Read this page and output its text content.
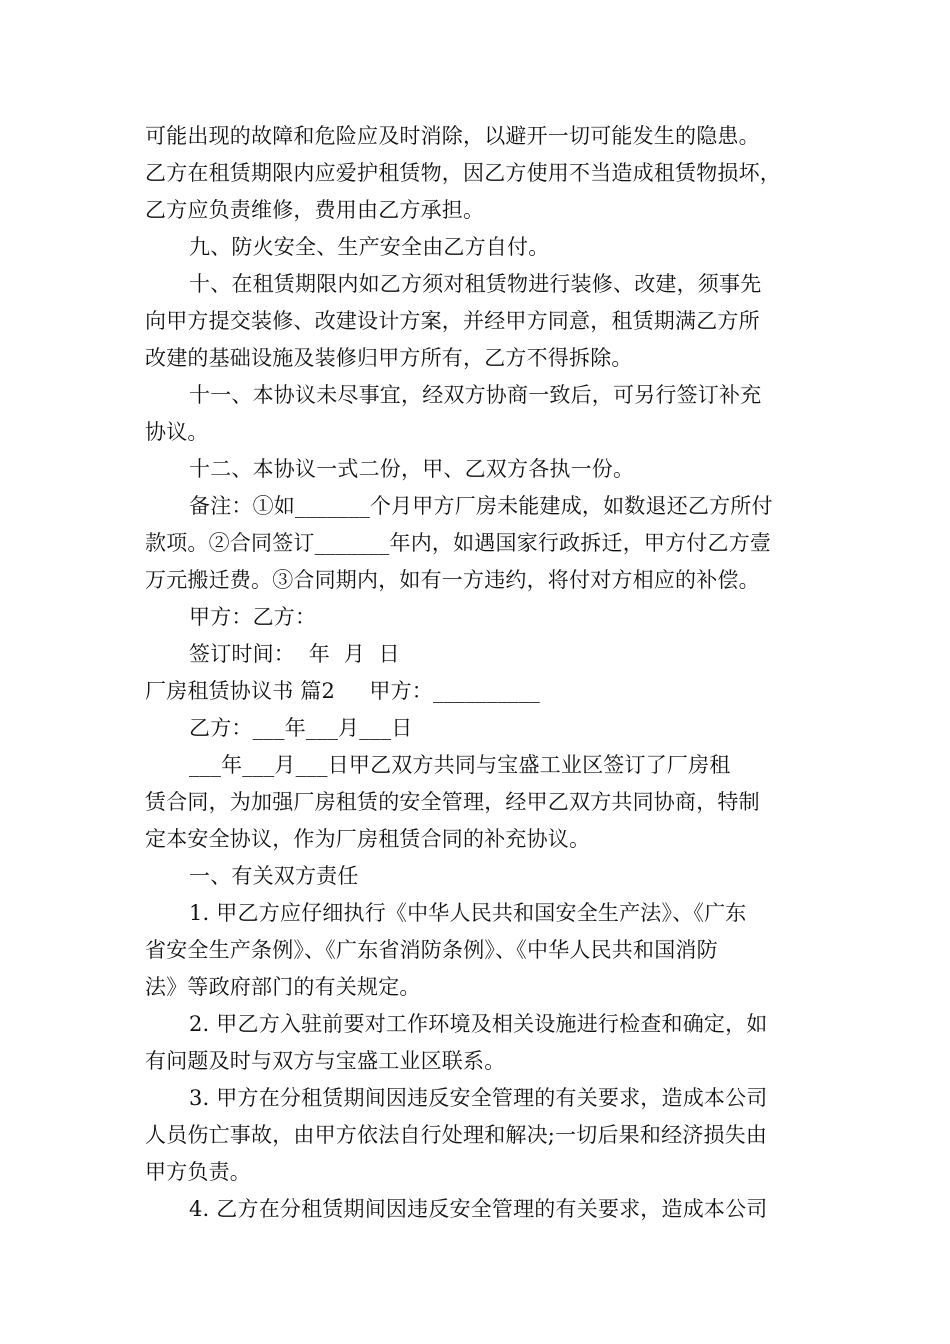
可能出现的故障和危险应及时消除，以避开一切可能发生的隐患。

乙方在租赁期限内应爱护租赁物，因乙方使用不当造成租赁物损坏，

乙方应负责维修，费用由乙方承担。

九、防火安全、生产安全由乙方自付。

十、在租赁期限内如乙方须对租赁物进行装修、改建，须事先

向甲方提交装修、改建设计方案，并经甲方同意，租赁期满乙方所

改建的基础设施及装修归甲方所有，乙方不得拆除。

十一、本协议未尽事宜，经双方协商一致后，可另行签订补充

协议。

十二、本协议一式二份，甲、乙双方各执一份。

备注：①如_______个月甲方厂房未能建成，如数退还乙方所付

款项。②合同签订_______年内，如遇国家行政拆迁，甲方付乙方壹

万元搬迁费。③合同期内，如有一方违约，将付对方相应的补偿。

甲方：乙方：

签订时间：  年  月  日

厂房租赁协议书 篇2     甲方：__________

乙方：___年___月___日

___年___月___日甲乙双方共同与宝盛工业区签订了厂房租

赁合同，为加强厂房租赁的安全管理，经甲乙双方共同协商，特制

定本安全协议，作为厂房租赁合同的补充协议。

一、有关双方责任

1. 甲乙方应仔细执行《中华人民共和国安全生产法》、《广东

省安全生产条例》、《广东省消防条例》、《中华人民共和国消防

法》等政府部门的有关规定。

2. 甲乙方入驻前要对工作环境及相关设施进行检查和确定，如

有问题及时与双方与宝盛工业区联系。

3. 甲方在分租赁期间因违反安全管理的有关要求，造成本公司

人员伤亡事故，由甲方依法自行处理和解决;一切后果和经济损失由

甲方负责。

4. 乙方在分租赁期间因违反安全管理的有关要求，造成本公司
